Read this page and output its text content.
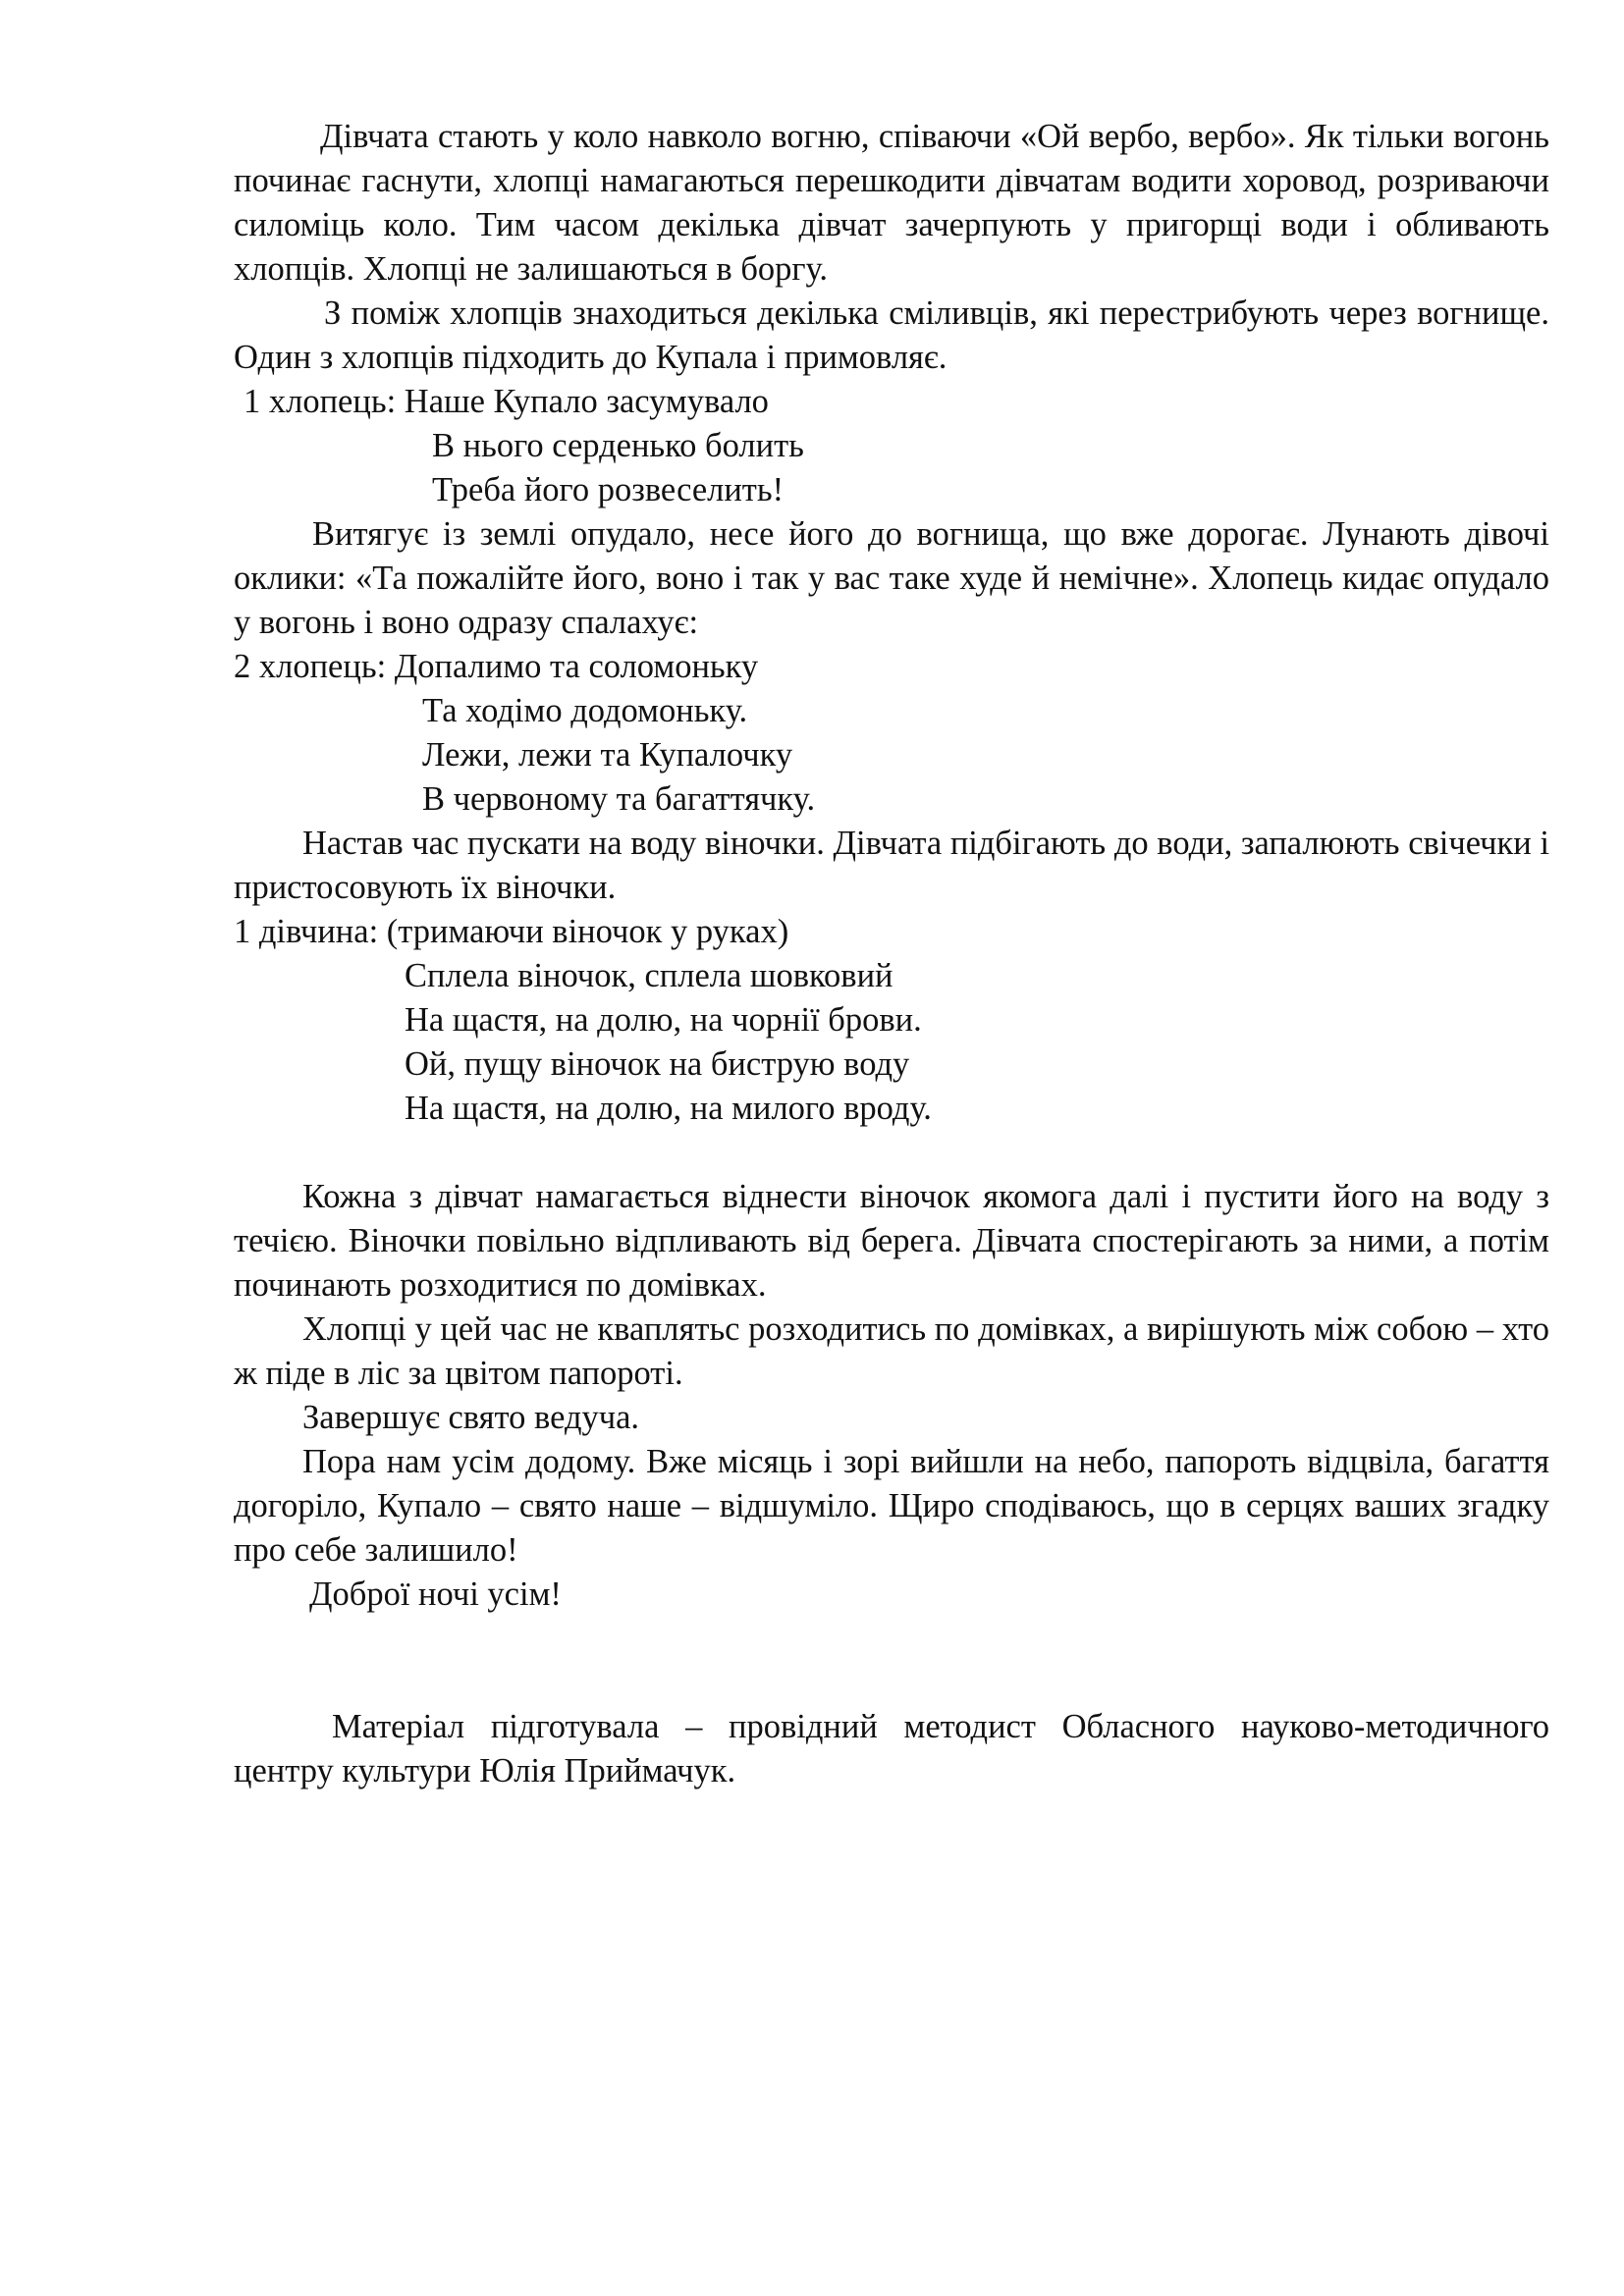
Дівчата стають у коло навколо вогню, співаючи «Ой вербо, вербо». Як тільки вогонь починає гаснути, хлопці намагаються перешкодити дівчатам водити хоровод, розриваючи силоміць коло. Тим часом декілька дівчат зачерпують у пригорщі води і обливають хлопців. Хлопці не залишаються в боргу.

З поміж хлопців знаходиться декілька сміливців, які перестрибують через вогнище. Один з хлопців підходить до Купала і примовляє.

1 хлопець: Наше Купало засумувало

В нього серденько болить

Треба його розвеселить!

Витягує із землі опудало, несе його до вогнища, що вже дорогає. Лунають дівочі оклики: «Та пожалійте його, воно і так у вас таке худе й немічне». Хлопець кидає опудало у вогонь і воно одразу спалахує:

2 хлопець: Допалимо та соломоньку

Та ходімо додомоньку.

Лежи, лежи та Купалочку

В червоному та багаттячку.

Настав час пускати на воду віночки. Дівчата підбігають до води, запалюють свічечки і пристосовують їх віночки.

1 дівчина: (тримаючи віночок у руках)

Сплела віночок, сплела шовковий

На щастя, на долю, на чорнії брови.

Ой, пущу віночок на биструю воду

На щастя, на долю, на милого вроду.

Кожна з дівчат намагається віднести віночок якомога далі і пустити його на воду з течією. Віночки повільно відпливають від берега. Дівчата спостерігають за ними, а потім починають розходитися по домівках.

Хлопці у цей час не кваплятьс розходитись по домівках, а вирішують між собою – хто ж піде в ліс за цвітом папороті.

Завершує свято ведуча.

Пора нам усім додому. Вже місяць і зорі вийшли на небо, папороть відцвіла, багаття догоріло, Купало – свято наше – відшуміло. Щиро сподіваюсь, що в серцях ваших згадку про себе залишило!

Доброї ночі усім!

Матеріал підготувала – провідний методист Обласного науково-методичного центру культури Юлія Приймачук.
